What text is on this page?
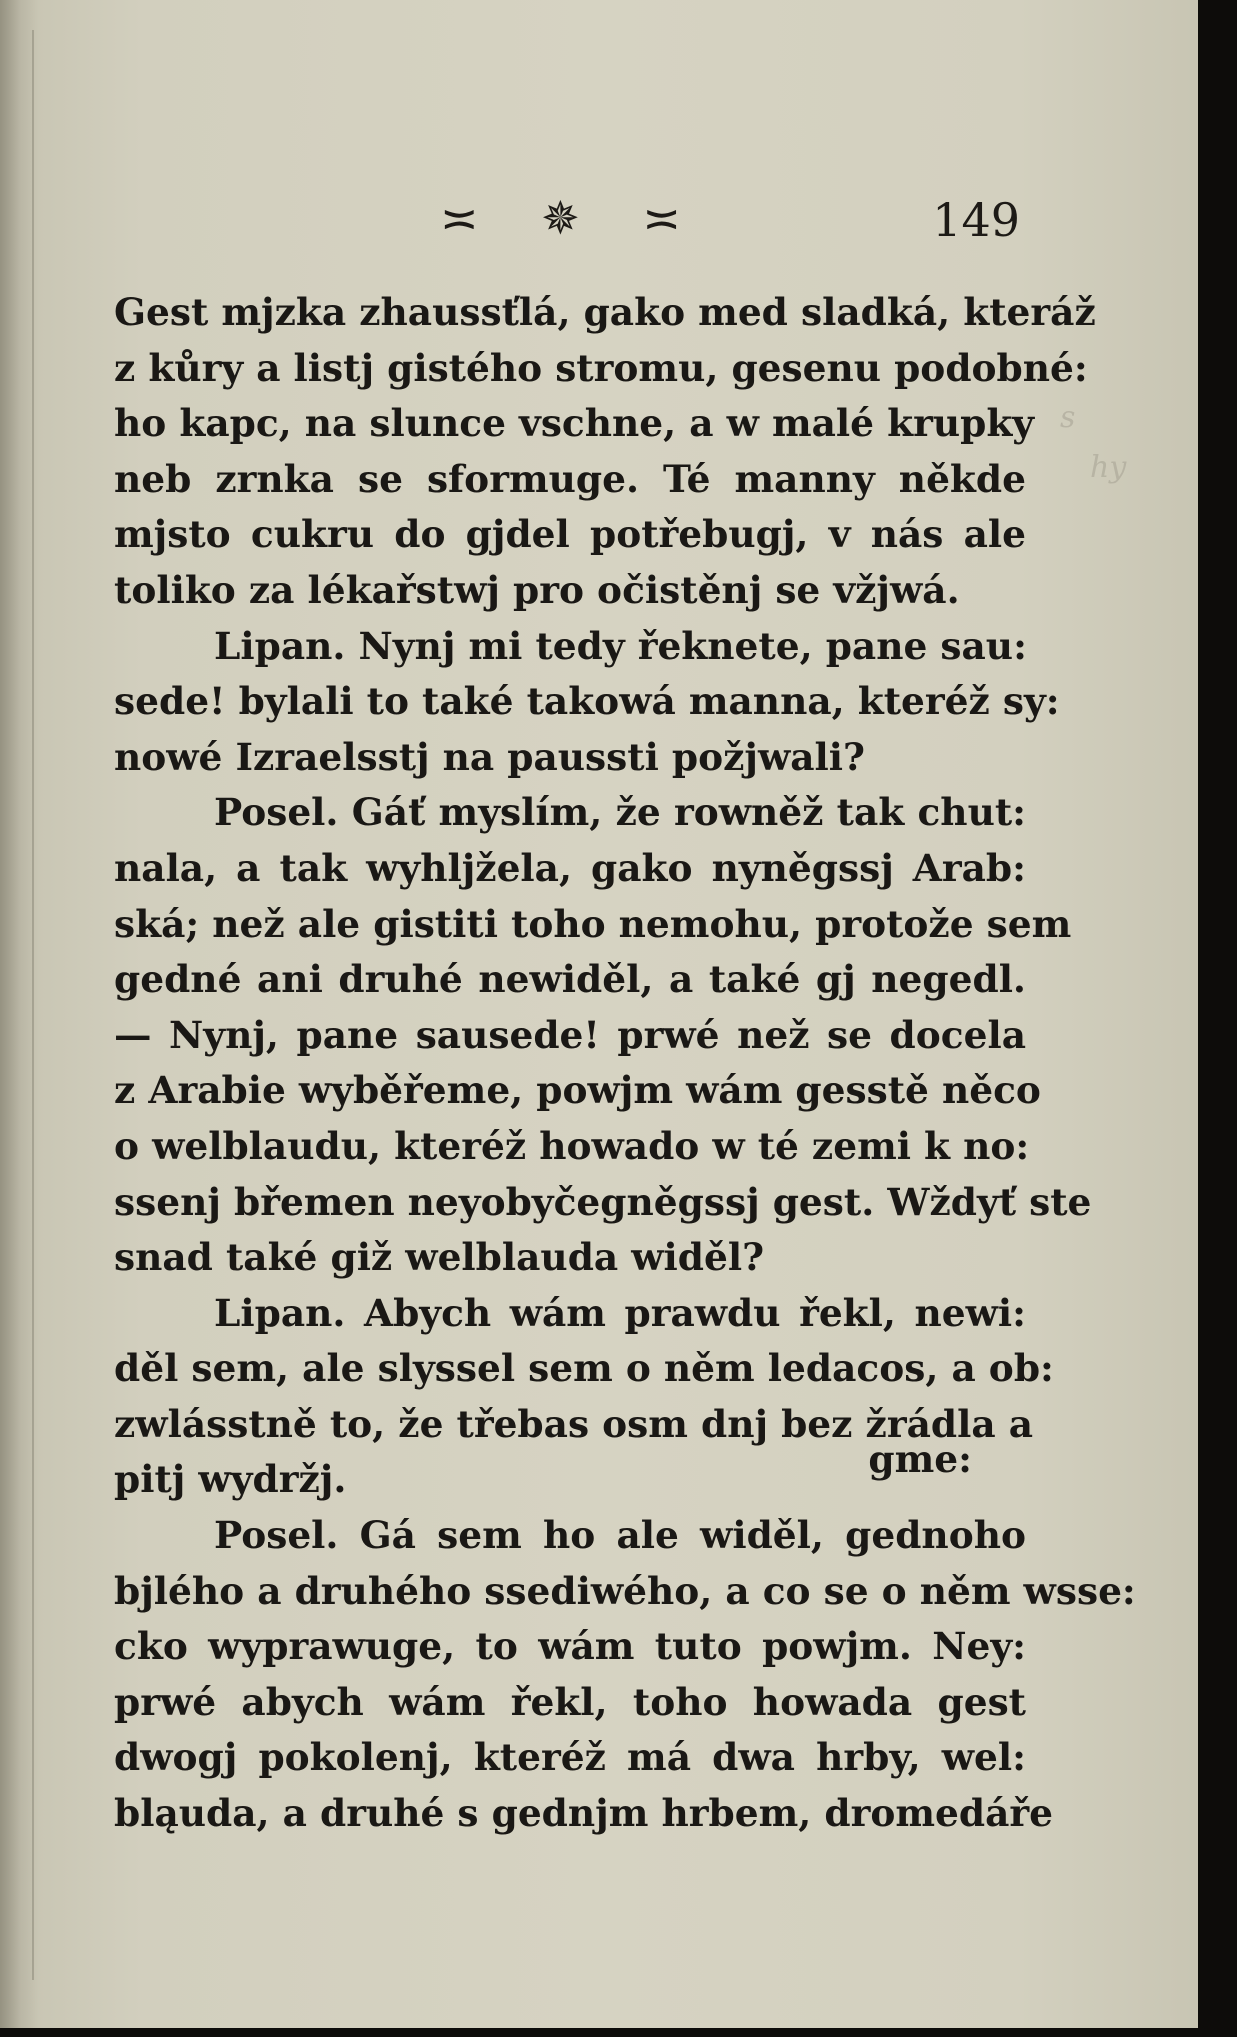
s
hy
≍ ✵ ≍	149
Gest mjzka zhaussťlá, gako med sladká, kteráž
z kůry a listj gistého stromu, gesenu podobné:
ho kapc, na slunce vschne, a w malé krupky
neb zrnka se sformuge. Té manny někde
mjsto cukru do gjdel potřebugj, v nás ale
toliko za lékařstwj pro očistěnj se vžjwá.
Lipan. Nynj mi tedy řeknete, pane sau:
sede! bylali to také takowá manna, kteréž sy:
nowé Izraelsstj na paussti požjwali?
Posel. Gáť myslím, že rowněž tak chut:
nala, a tak wyhljžela, gako nyněgssj Arab:
ská; než ale gistiti toho nemohu, protože sem
gedné ani druhé newiděl, a také gj negedl.
— Nynj, pane sausede! prwé než se docela
z Arabie wyběřeme, powjm wám gesstě něco
o welblaudu, kteréž howado w té zemi k no:
ssenj břemen neyobyčegněgssj gest. Wždyť ste
snad také giž welblauda widěl?
Lipan. Abych wám prawdu řekl, newi:
děl sem, ale slyssel sem o něm ledacos, a ob:
zwlásstně to, že třebas osm dnj bez žrádla a
pitj wydržj.
Posel. Gá sem ho ale widěl, gednoho
bjlého a druhého ssediwého, a co se o něm wsse:
cko wyprawuge, to wám tuto powjm. Ney:
prwé abych wám řekl, toho howada gest
dwogj pokolenj, kteréž má dwa hrby, wel:
bląuda, a druhé s gednjm hrbem, dromedáře
gme:
